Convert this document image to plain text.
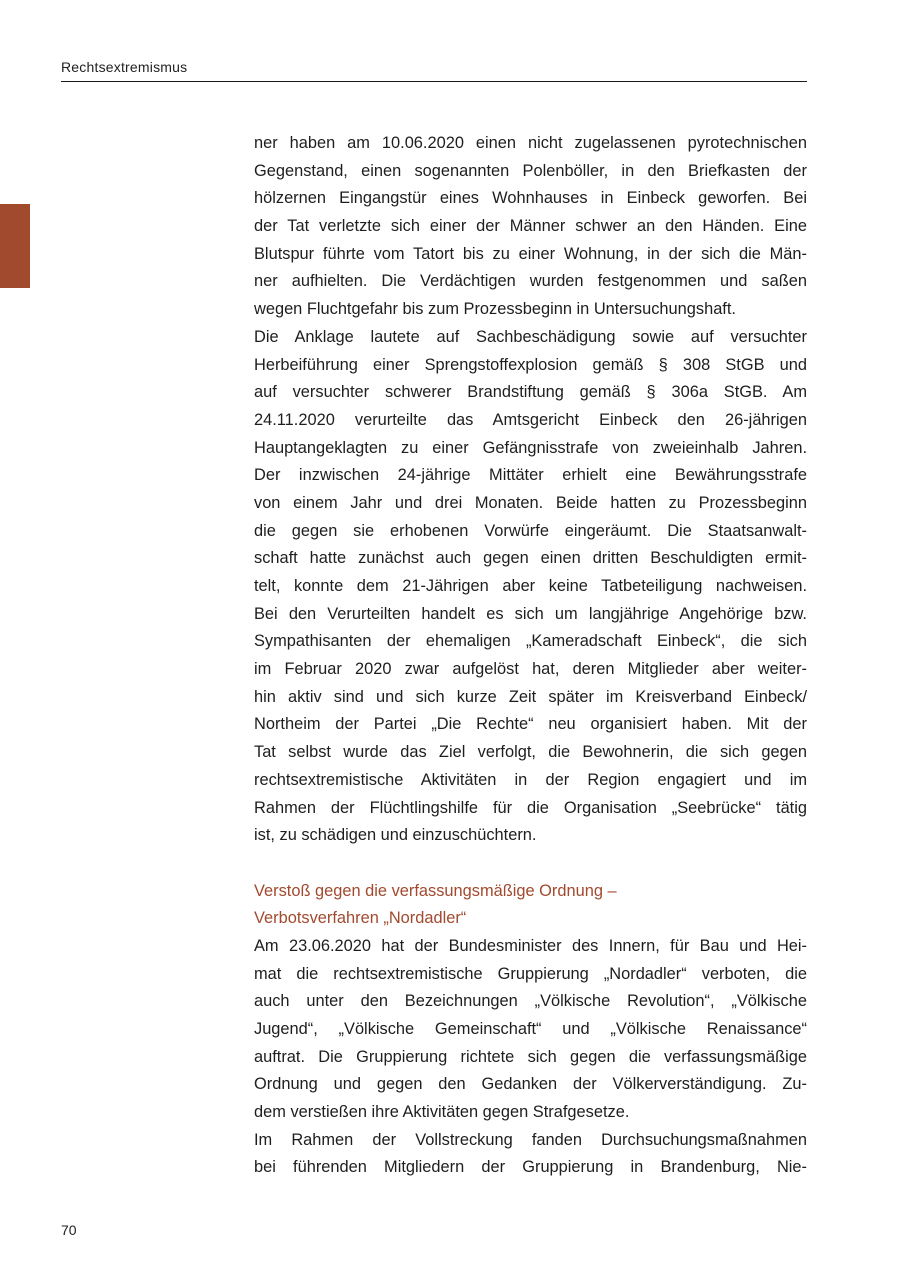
Rechtsextremismus
ner haben am 10.06.2020 einen nicht zugelassenen pyrotechnischen
Gegenstand, einen sogenannten Polenböller, in den Briefkasten der
hölzernen Eingangstür eines Wohnhauses in Einbeck geworfen. Bei
der Tat verletzte sich einer der Männer schwer an den Händen. Eine
Blutspur führte vom Tatort bis zu einer Wohnung, in der sich die Män-
ner aufhielten. Die Verdächtigen wurden festgenommen und saßen
wegen Fluchtgefahr bis zum Prozessbeginn in Untersuchungshaft.
Die Anklage lautete auf Sachbeschädigung sowie auf versuchter
Herbeiführung einer Sprengstoffexplosion gemäß § 308 StGB und
auf versuchter schwerer Brandstiftung gemäß § 306a StGB. Am
24.11.2020 verurteilte das Amtsgericht Einbeck den 26-jährigen
Hauptangeklagten zu einer Gefängnisstrafe von zweieinhalb Jahren.
Der inzwischen 24-jährige Mittäter erhielt eine Bewährungsstrafe
von einem Jahr und drei Monaten. Beide hatten zu Prozessbeginn
die gegen sie erhobenen Vorwürfe eingeräumt. Die Staatsanwalt-
schaft hatte zunächst auch gegen einen dritten Beschuldigten ermit-
telt, konnte dem 21-Jährigen aber keine Tatbeteiligung nachweisen.
Bei den Verurteilten handelt es sich um langjährige Angehörige bzw.
Sympathisanten der ehemaligen „Kameradschaft Einbeck“, die sich
im Februar 2020 zwar aufgelöst hat, deren Mitglieder aber weiter-
hin aktiv sind und sich kurze Zeit später im Kreisverband Einbeck/
Northeim der Partei „Die Rechte“ neu organisiert haben. Mit der
Tat selbst wurde das Ziel verfolgt, die Bewohnerin, die sich gegen
rechtsextremistische Aktivitäten in der Region engagiert und im
Rahmen der Flüchtlingshilfe für die Organisation „Seebrücke“ tätig
ist, zu schädigen und einzuschüchtern.
Verstoß gegen die verfassungsmäßige Ordnung –
Verbotsverfahren „Nordadler“
Am 23.06.2020 hat der Bundesminister des Innern, für Bau und Hei-
mat die rechtsextremistische Gruppierung „Nordadler“ verboten, die
auch unter den Bezeichnungen „Völkische Revolution“, „Völkische
Jugend“, „Völkische Gemeinschaft“ und „Völkische Renaissance“
auftrat. Die Gruppierung richtete sich gegen die verfassungsmäßige
Ordnung und gegen den Gedanken der Völkerverständigung. Zu-
dem verstießen ihre Aktivitäten gegen Strafgesetze.
Im Rahmen der Vollstreckung fanden Durchsuchungsmaßnahmen
bei führenden Mitgliedern der Gruppierung in Brandenburg, Nie-
70
